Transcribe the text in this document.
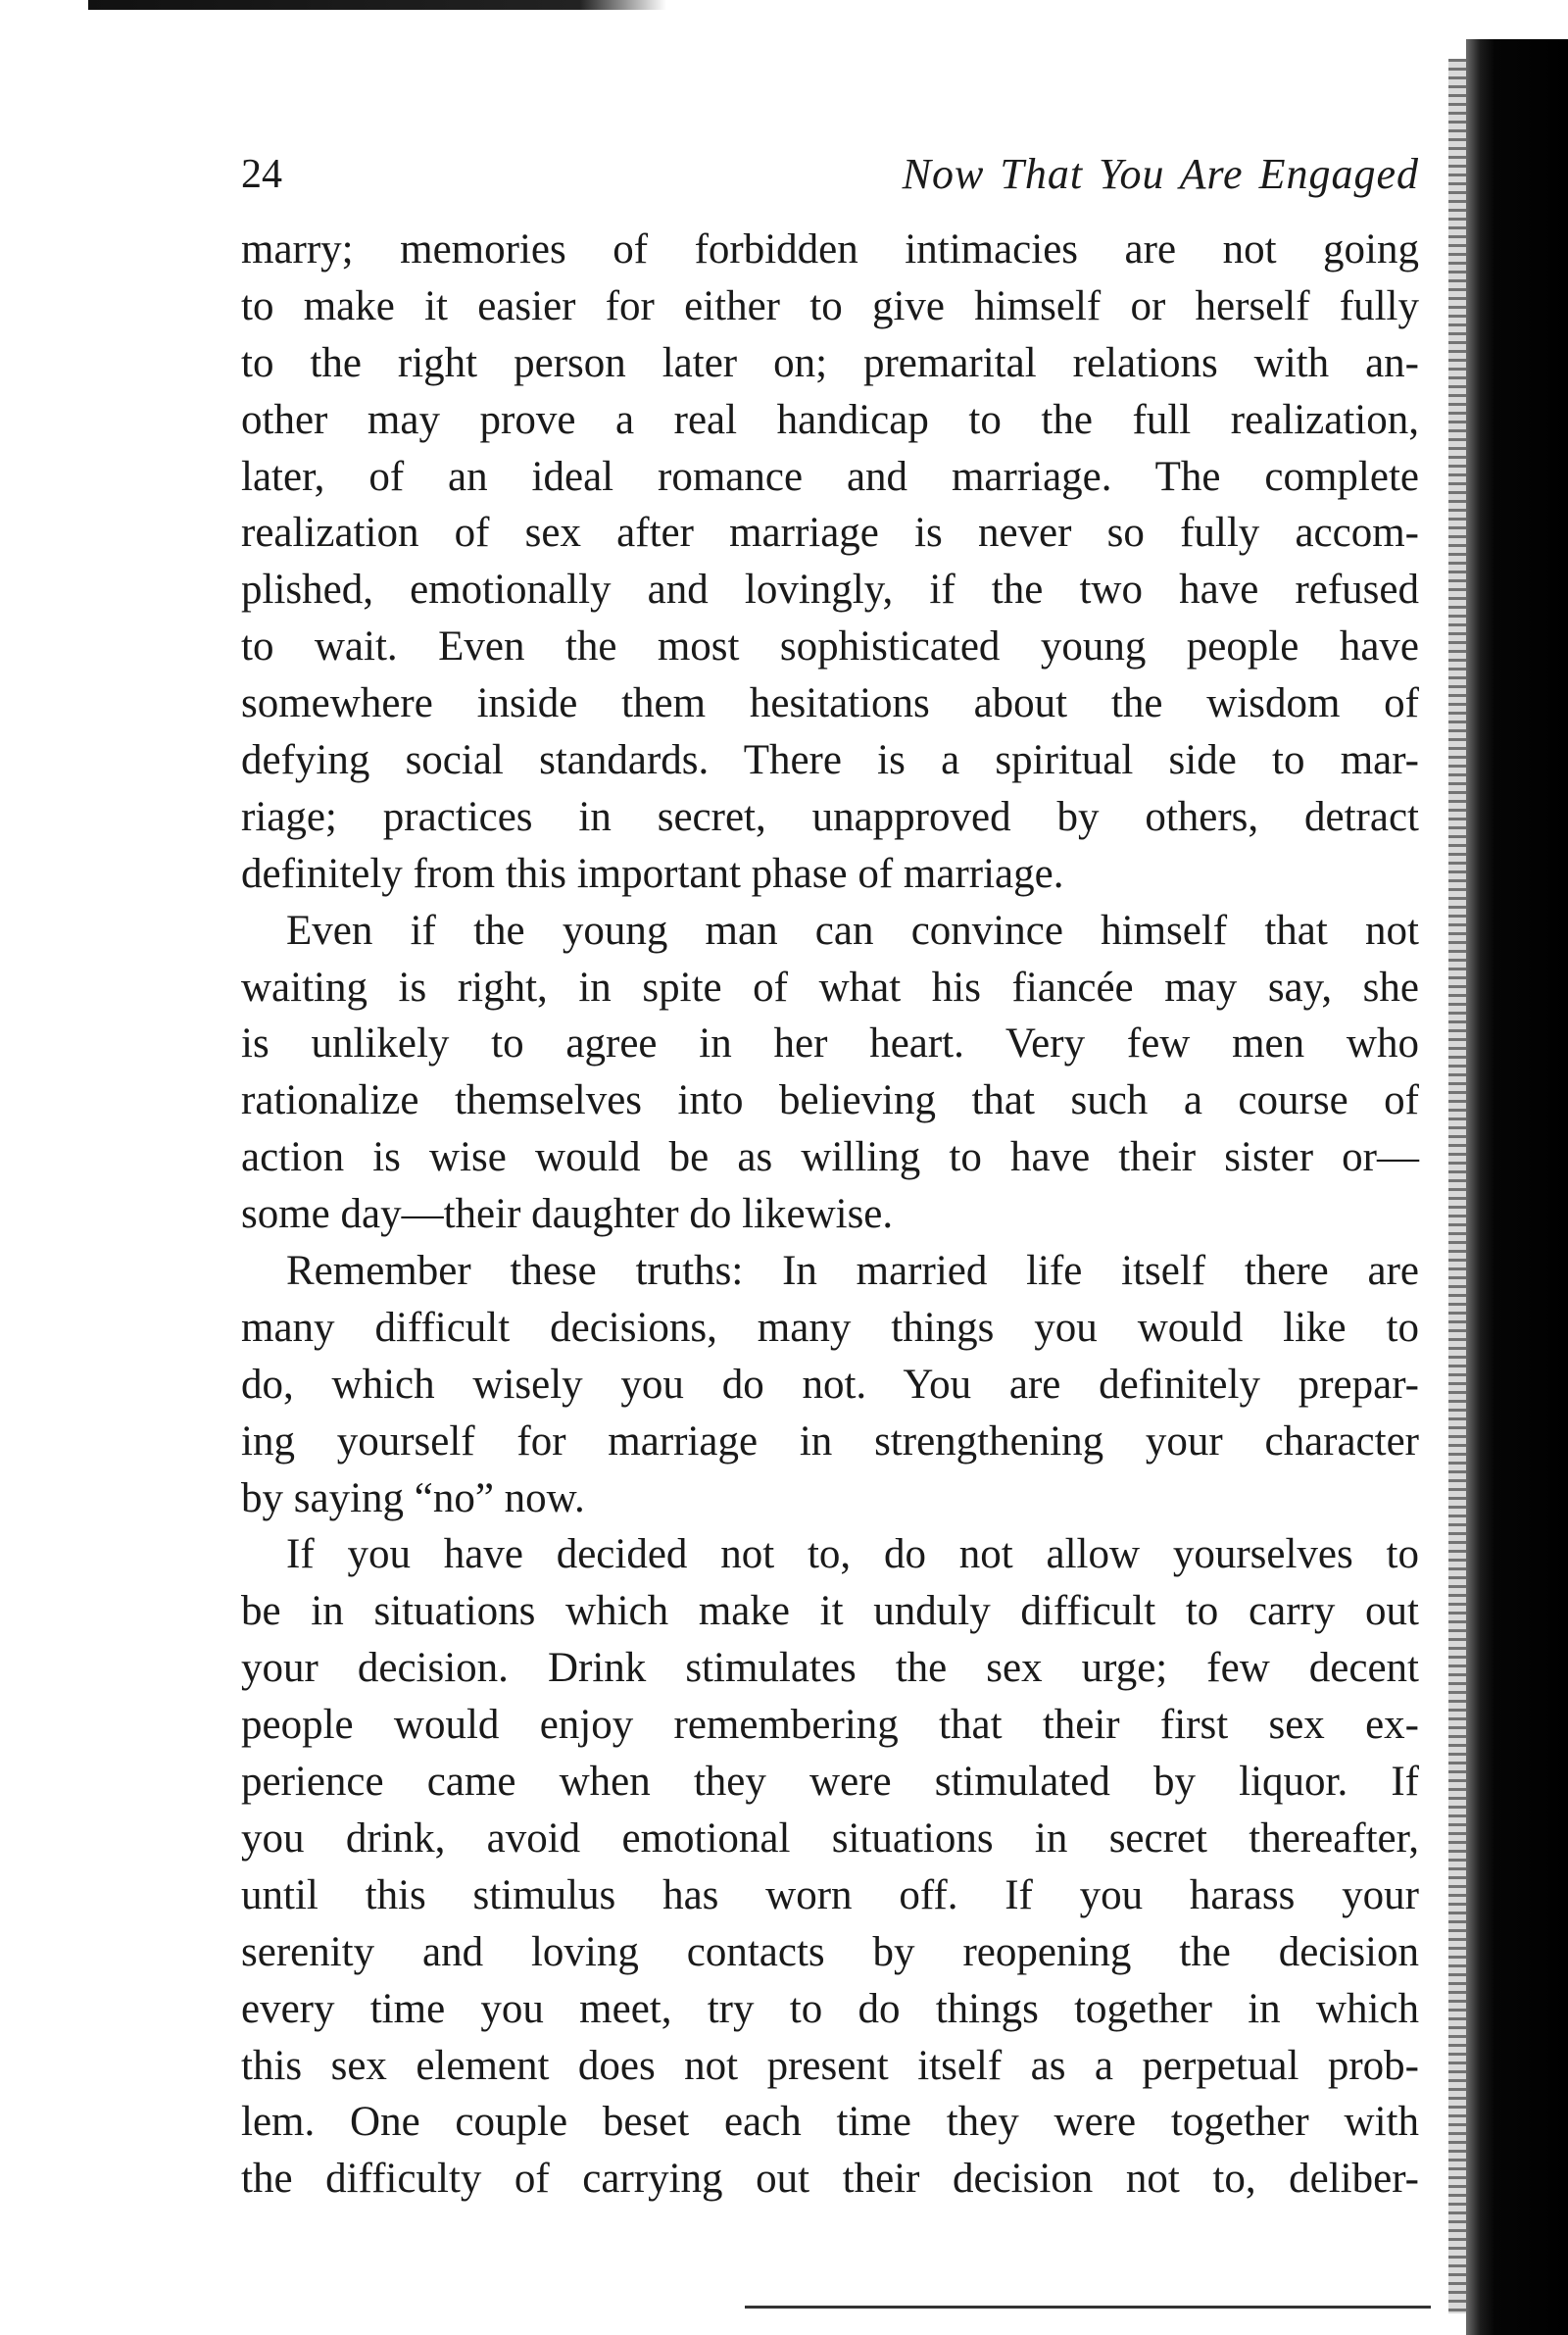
24	Now That You Are Engaged
marry; memories of forbidden intimacies are not going
to make it easier for either to give himself or herself fully
to the right person later on; premarital relations with an-
other may prove a real handicap to the full realization,
later, of an ideal romance and marriage. The complete
realization of sex after marriage is never so fully accom-
plished, emotionally and lovingly, if the two have refused
to wait. Even the most sophisticated young people have
somewhere inside them hesitations about the wisdom of
defying social standards. There is a spiritual side to mar-
riage; practices in secret, unapproved by others, detract
definitely from this important phase of marriage.
Even if the young man can convince himself that not
waiting is right, in spite of what his fiancée may say, she
is unlikely to agree in her heart. Very few men who
rationalize themselves into believing that such a course of
action is wise would be as willing to have their sister or—
some day—their daughter do likewise.
Remember these truths: In married life itself there are
many difficult decisions, many things you would like to
do, which wisely you do not. You are definitely prepar-
ing yourself for marriage in strengthening your character
by saying “no” now.
If you have decided not to, do not allow yourselves to
be in situations which make it unduly difficult to carry out
your decision. Drink stimulates the sex urge; few decent
people would enjoy remembering that their first sex ex-
perience came when they were stimulated by liquor. If
you drink, avoid emotional situations in secret thereafter,
until this stimulus has worn off. If you harass your
serenity and loving contacts by reopening the decision
every time you meet, try to do things together in which
this sex element does not present itself as a perpetual prob-
lem. One couple beset each time they were together with
the difficulty of carrying out their decision not to, deliber-
